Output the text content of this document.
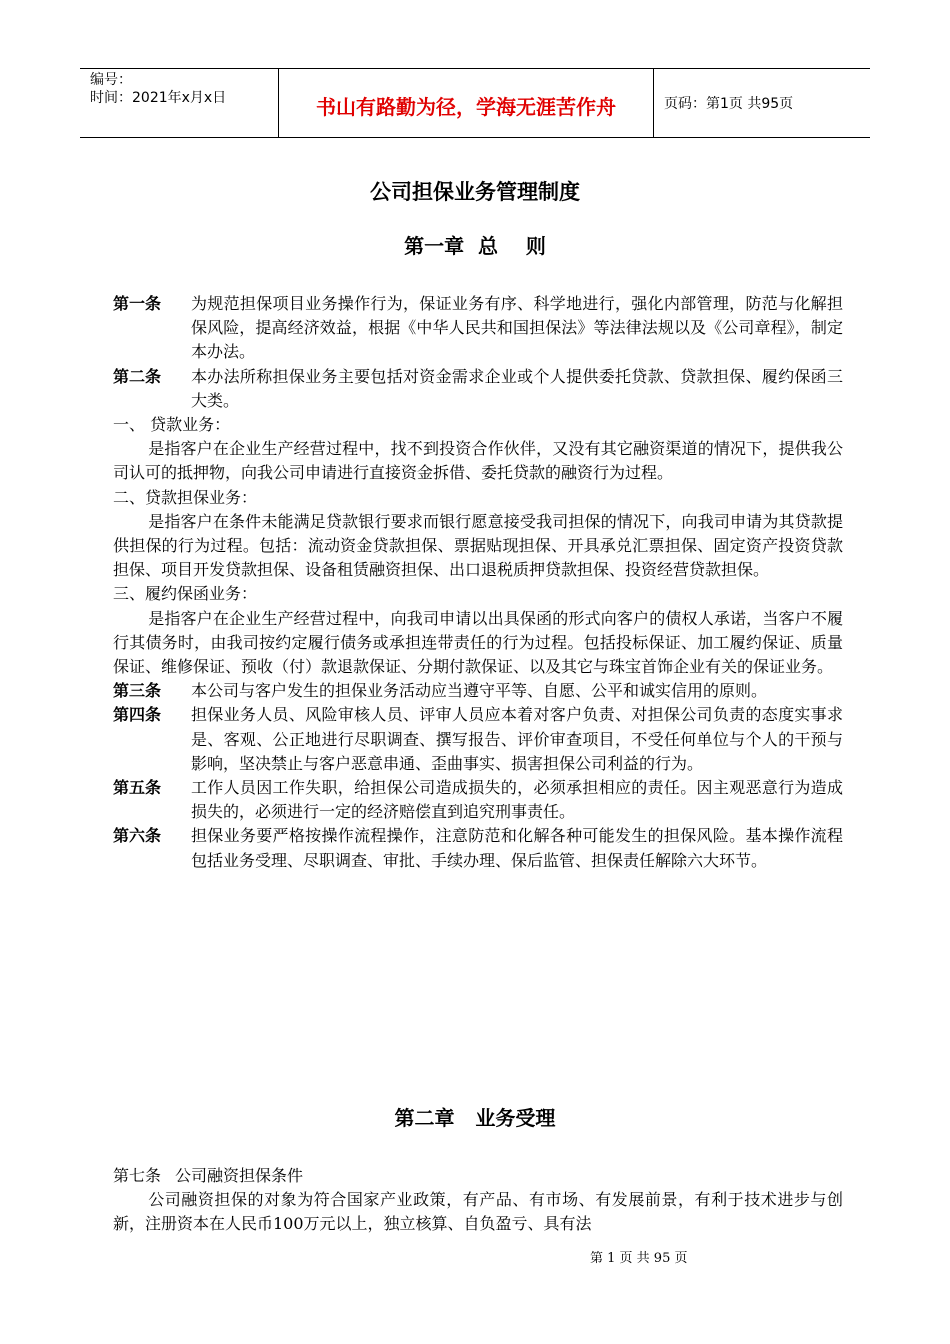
编号：
时间：2021年x月x日	书山有路勤为径，学海无涯苦作舟	页码：第1页 共95页
公司担保业务管理制度
第一章  总    则
第一条	为规范担保项目业务操作行为，保证业务有序、科学地进行，强化内部管理，防范与化解担保风险，提高经济效益，根据《中华人民共和国担保法》等法律法规以及《公司章程》，制定本办法。
第二条	本办法所称担保业务主要包括对资金需求企业或个人提供委托贷款、贷款担保、履约保函三大类。
一、 贷款业务：
是指客户在企业生产经营过程中，找不到投资合作伙伴，又没有其它融资渠道的情况下，提供我公司认可的抵押物，向我公司申请进行直接资金拆借、委托贷款的融资行为过程。
二、贷款担保业务：
是指客户在条件未能满足贷款银行要求而银行愿意接受我司担保的情况下，向我司申请为其贷款提供担保的行为过程。包括：流动资金贷款担保、票据贴现担保、开具承兑汇票担保、固定资产投资贷款担保、项目开发贷款担保、设备租赁融资担保、出口退税质押贷款担保、投资经营贷款担保。
三、履约保函业务：
是指客户在企业生产经营过程中，向我司申请以出具保函的形式向客户的债权人承诺，当客户不履行其债务时，由我司按约定履行债务或承担连带责任的行为过程。包括投标保证、加工履约保证、质量保证、维修保证、预收（付）款退款保证、分期付款保证、以及其它与珠宝首饰企业有关的保证业务。
第三条	本公司与客户发生的担保业务活动应当遵守平等、自愿、公平和诚实信用的原则。
第四条	担保业务人员、风险审核人员、评审人员应本着对客户负责、对担保公司负责的态度实事求是、客观、公正地进行尽职调查、撰写报告、评价审查项目，不受任何单位与个人的干预与影响，坚决禁止与客户恶意串通、歪曲事实、损害担保公司利益的行为。
第五条	工作人员因工作失职，给担保公司造成损失的，必须承担相应的责任。因主观恶意行为造成损失的，必须进行一定的经济赔偿直到追究刑事责任。
第六条	担保业务要严格按操作流程操作，注意防范和化解各种可能发生的担保风险。基本操作流程包括业务受理、尽职调查、审批、手续办理、保后监管、担保责任解除六大环节。
第二章   业务受理
第七条 公司融资担保条件
公司融资担保的对象为符合国家产业政策，有产品、有市场、有发展前景，有利于技术进步与创新，注册资本在人民币100万元以上，独立核算、自负盈亏、具有法
第 1 页 共 95 页
